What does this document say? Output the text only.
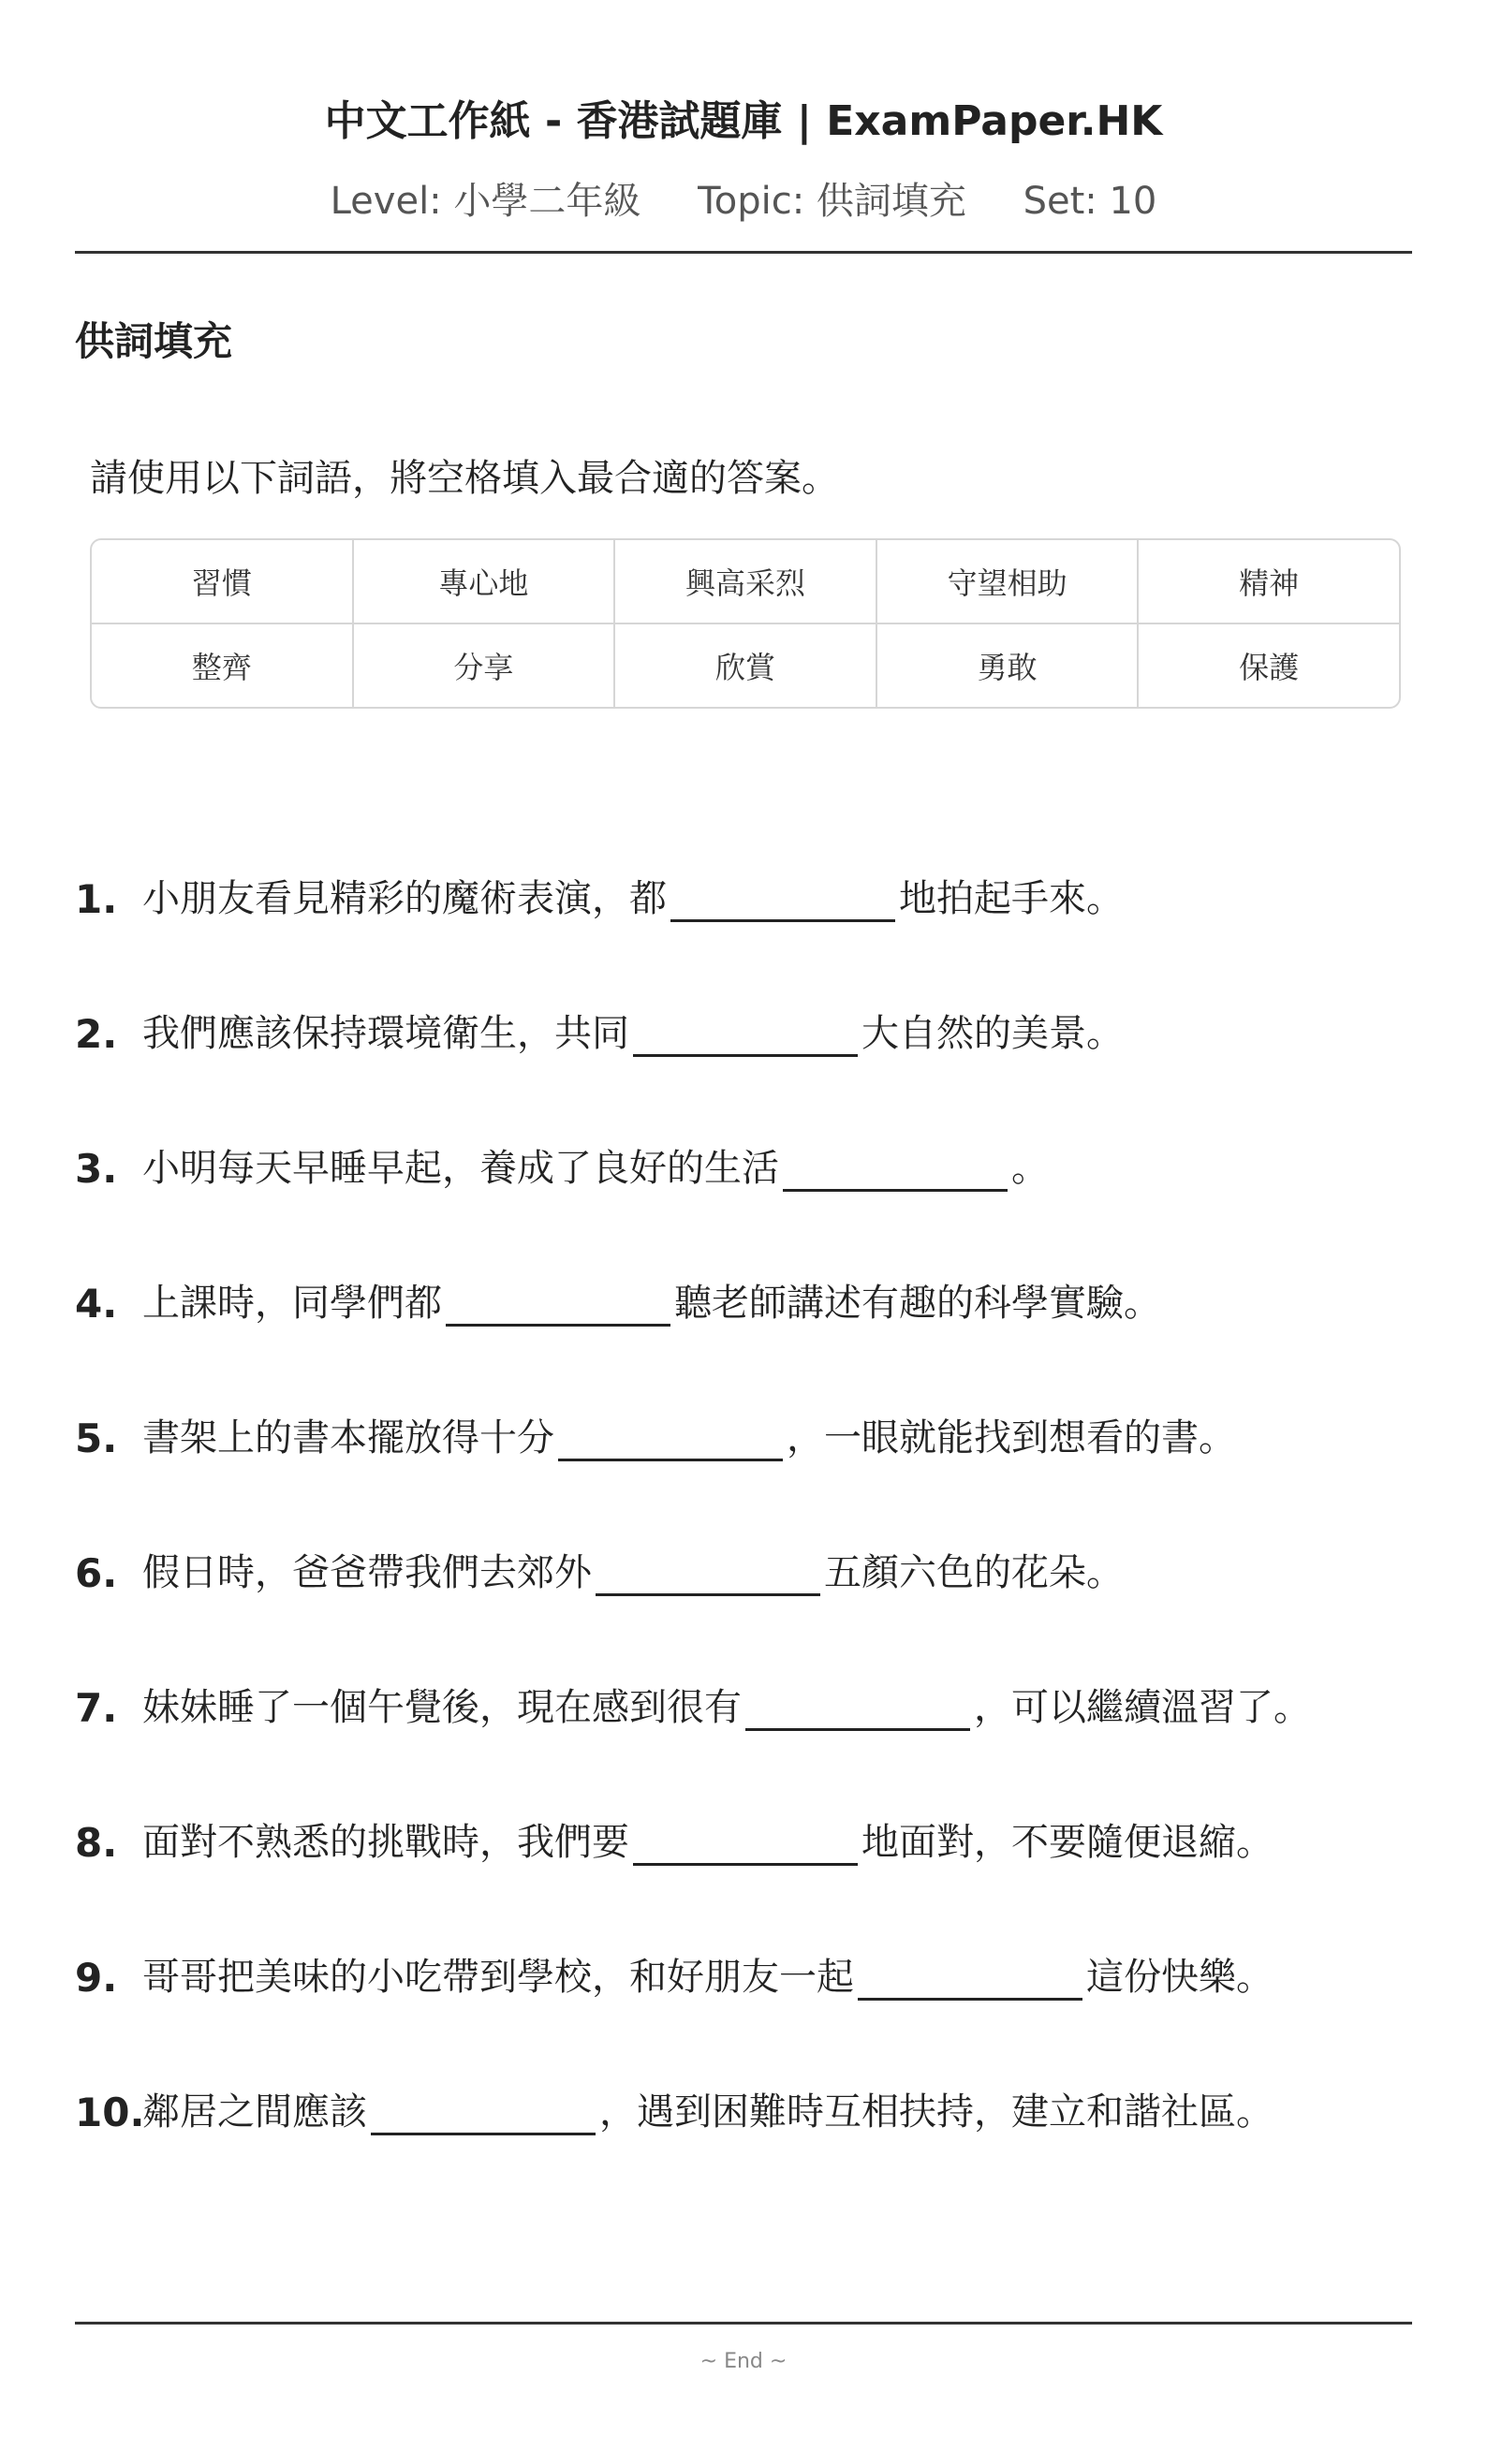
中文工作紙 - 香港試題庫 | ExamPaper.HK
Level: 小學二年級 Topic: 供詞填充 Set: 10
供詞填充
請使用以下詞語，將空格填入最合適的答案。
習慣	專心地	興高采烈	守望相助	精神
整齊	分享	欣賞	勇敢	保護
1. 小朋友看見精彩的魔術表演，都	地拍起手來。
2. 我們應該保持環境衛生，共同	大自然的美景。
3. 小明每天早睡早起，養成了良好的生活	。
4. 上課時，同學們都	聽老師講述有趣的科學實驗。
5. 書架上的書本擺放得十分	，一眼就能找到想看的書。
6. 假日時，爸爸帶我們去郊外	五顏六色的花朵。
7. 妹妹睡了一個午覺後，現在感到很有	，可以繼續溫習了。
8. 面對不熟悉的挑戰時，我們要	地面對，不要隨便退縮。
9. 哥哥把美味的小吃帶到學校，和好朋友一起	這份快樂。
10.
鄰居之間應該	，遇到困難時互相扶持，建立和諧社區。
~ End ~
